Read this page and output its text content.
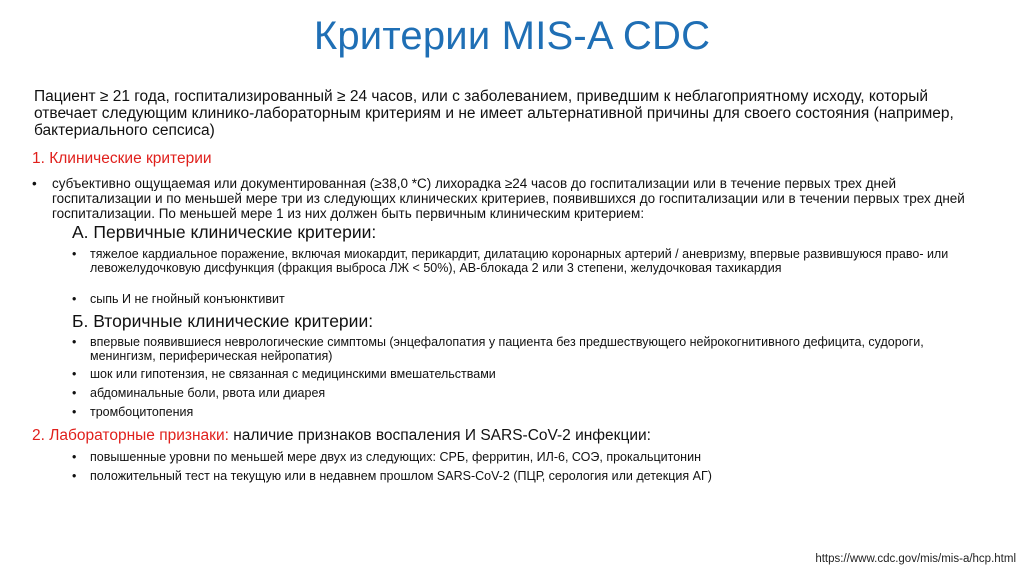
Критерии MIS-A CDC
Пациент ≥ 21 года, госпитализированный ≥ 24 часов, или с заболеванием, приведшим к неблагоприятному исходу, который отвечает следующим клинико-лабораторным критериям и не имеет альтернативной причины для своего состояния (например, бактериального сепсиса)
1. Клинические критерии
• субъективно ощущаемая или документированная (≥38,0 *С) лихорадка ≥24 часов до госпитализации или в течение первых трех дней госпитализации и по меньшей мере три из следующих клинических критериев, появившихся до госпитализации или в течении первых трех дней госпитализации. По меньшей мере 1 из них должен быть первичным клиническим критерием:
А. Первичные клинические критерии:
• тяжелое кардиальное поражение, включая миокардит, перикардит, дилатацию коронарных артерий / аневризму, впервые развившуюся право- или левожелудочковую дисфункция (фракция выброса ЛЖ < 50%), АВ-блокада 2 или 3 степени, желудочковая тахикардия
• сыпь И не гнойный конъюнктивит
Б. Вторичные клинические критерии:
• впервые появившиеся неврологические симптомы (энцефалопатия у пациента без предшествующего нейрокогнитивного дефицита, судороги, менингизм, периферическая нейропатия)
• шок или гипотензия, не связанная с медицинскими вмешательствами
• абдоминальные боли, рвота или диарея
• тромбоцитопения
2. Лабораторные признаки: наличие признаков воспаления И SARS-CoV-2 инфекции:
• повышенные уровни по меньшей мере двух из следующих: СРБ, ферритин, ИЛ-6, СОЭ, прокальцитонин
• положительный тест на текущую или в недавнем прошлом SARS-CoV-2 (ПЦР, серология или детекция АГ)
https://www.cdc.gov/mis/mis-a/hcp.html
